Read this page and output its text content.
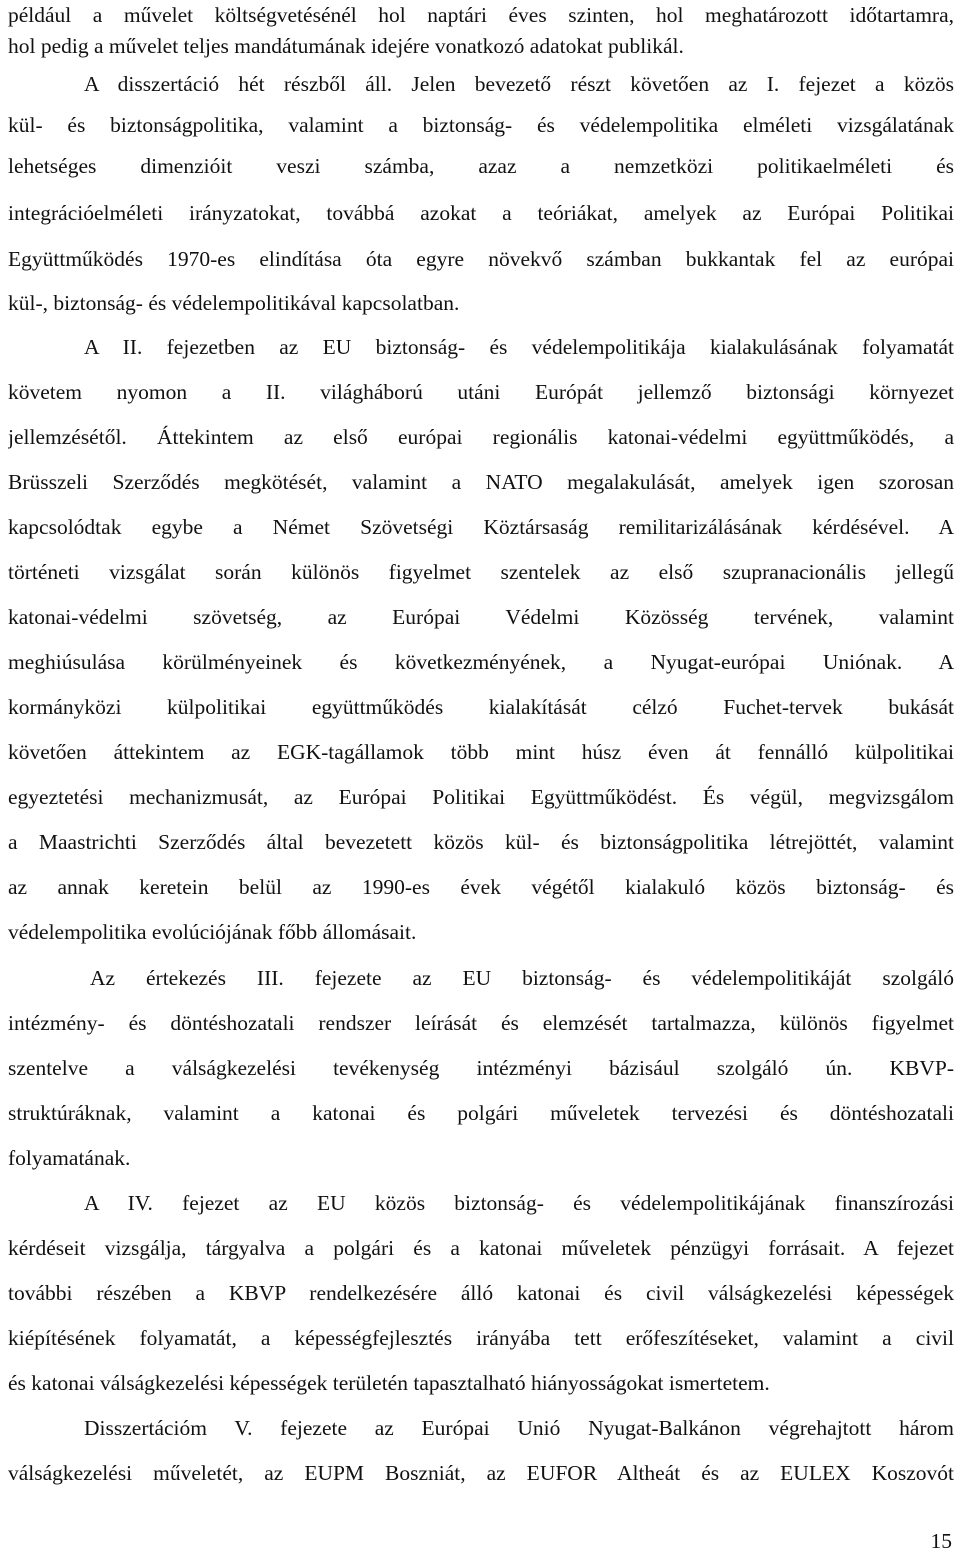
például a művelet költségvetésénél hol naptári éves szinten, hol meghatározott időtartamra,
hol pedig a művelet teljes mandátumának idejére vonatkozó adatokat publikál.
A disszertáció hét részből áll. Jelen bevezető részt követően az I. fejezet a közös
kül- és biztonságpolitika, valamint a biztonság- és védelempolitika elméleti vizsgálatának
lehetséges dimenzióit veszi számba, azaz a nemzetközi politikaelméleti és
integrációelméleti irányzatokat, továbbá azokat a teóriákat, amelyek az Európai Politikai
Együttműködés 1970-es elindítása óta egyre növekvő számban bukkantak fel az európai
kül-, biztonság- és védelempolitikával kapcsolatban.
A II. fejezetben az EU biztonság- és védelempolitikája kialakulásának folyamatát
követem nyomon a II. világháború utáni Európát jellemző biztonsági környezet
jellemzésétől. Áttekintem az első európai regionális katonai-védelmi együttműködés, a
Brüsszeli Szerződés megkötését, valamint a NATO megalakulását, amelyek igen szorosan
kapcsolódtak egybe a Német Szövetségi Köztársaság remilitarizálásának kérdésével. A
történeti vizsgálat során különös figyelmet szentelek az első szupranacionális jellegű
katonai-védelmi szövetség, az Európai Védelmi Közösség tervének, valamint
meghiúsulása körülményeinek és következményének, a Nyugat-európai Uniónak. A
kormányközi külpolitikai együttműködés kialakítását célzó Fuchet-tervek bukását
követően áttekintem az EGK-tagállamok több mint húsz éven át fennálló külpolitikai
egyeztetési mechanizmusát, az Európai Politikai Együttműködést. És végül, megvizsgálom
a Maastrichti Szerződés által bevezetett közös kül- és biztonságpolitika létrejöttét, valamint
az annak keretein belül az 1990-es évek végétől kialakuló közös biztonság- és
védelempolitika evolúciójának főbb állomásait.
Az értekezés III. fejezete az EU biztonság- és védelempolitikáját szolgáló
intézmény- és döntéshozatali rendszer leírását és elemzését tartalmazza, különös figyelmet
szentelve a válságkezelési tevékenység intézményi bázisául szolgáló ún. KBVP-
struktúráknak, valamint a katonai és polgári műveletek tervezési és döntéshozatali
folyamatának.
A IV. fejezet az EU közös biztonság- és védelempolitikájának finanszírozási
kérdéseit vizsgálja, tárgyalva a polgári és a katonai műveletek pénzügyi forrásait. A fejezet
további részében a KBVP rendelkezésére álló katonai és civil válságkezelési képességek
kiépítésének folyamatát, a képességfejlesztés irányába tett erőfeszítéseket, valamint a civil
és katonai válságkezelési képességek területén tapasztalható hiányosságokat ismertetem.
Disszertációm V. fejezete az Európai Unió Nyugat-Balkánon végrehajtott három
válságkezelési műveletét, az EUPM Boszniát, az EUFOR Altheát és az EULEX Koszovót
15
